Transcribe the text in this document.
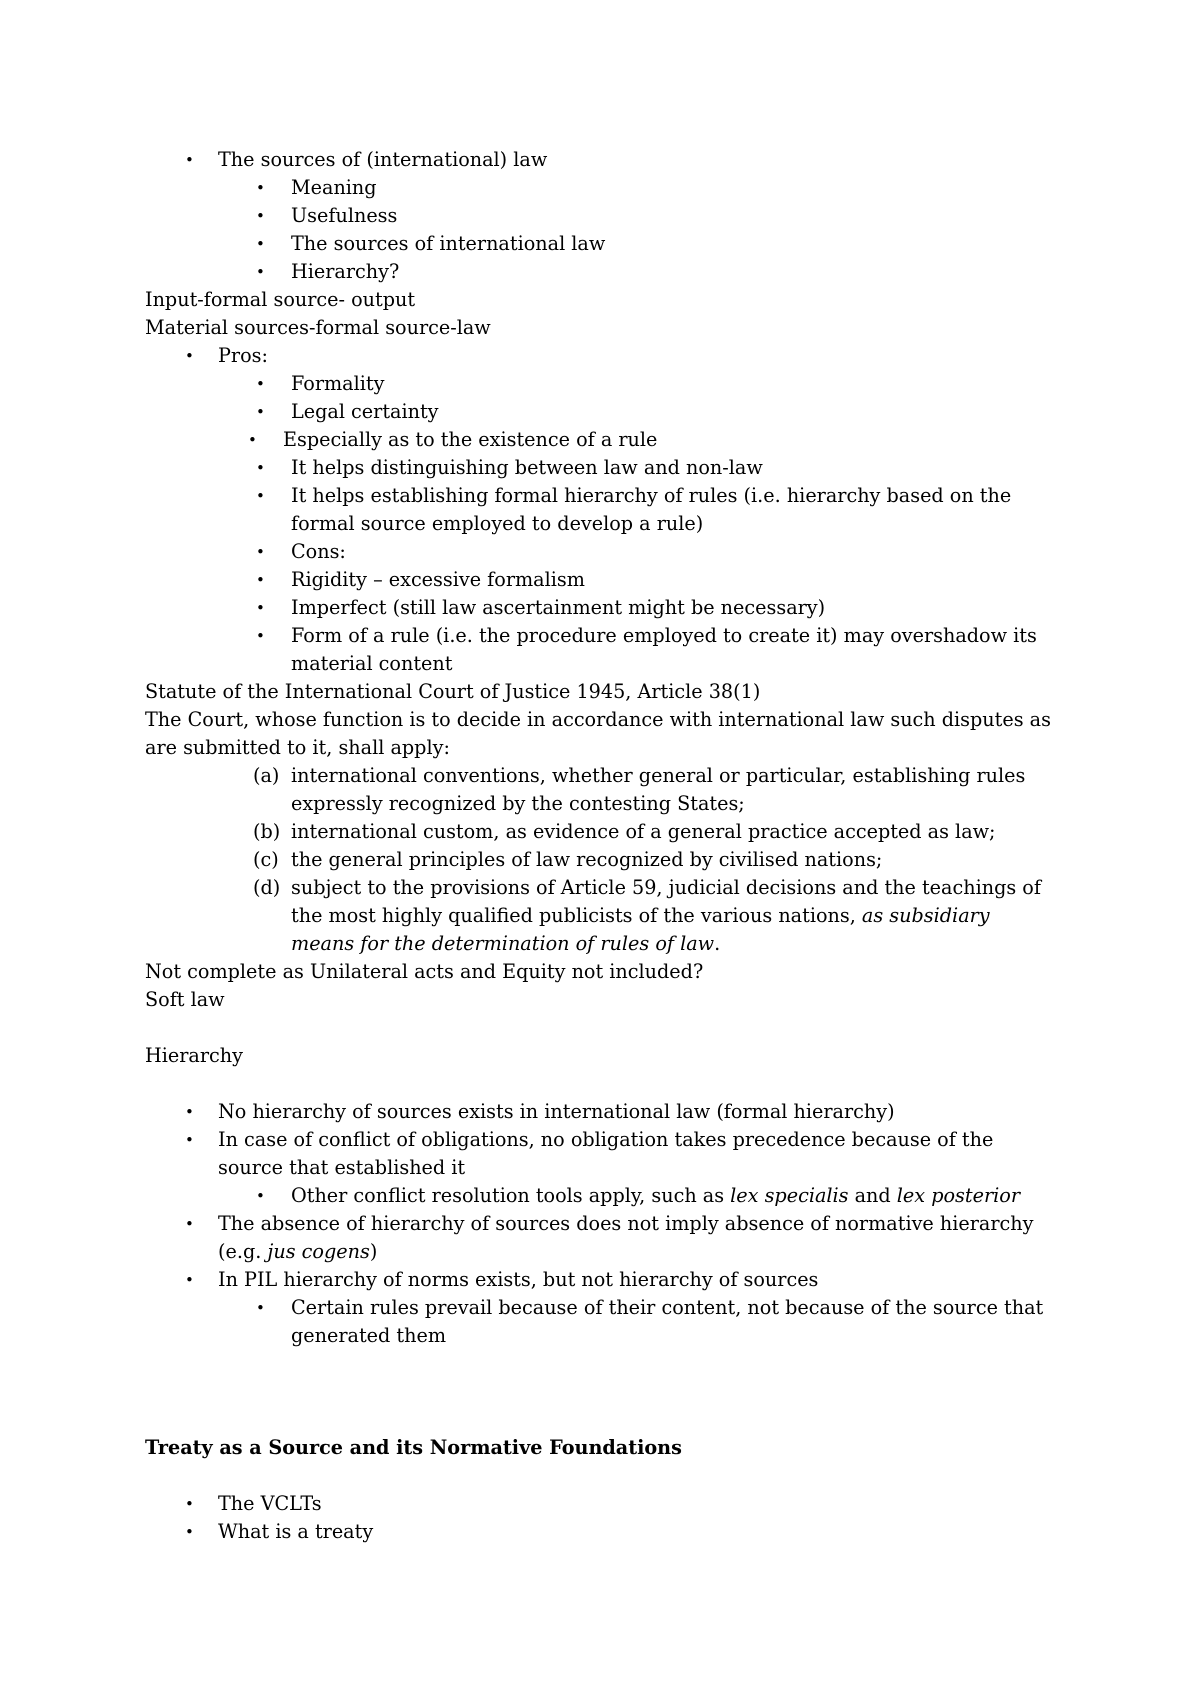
• The sources of (international) law
• Meaning
• Usefulness
• The sources of international law
• Hierarchy?
Input-formal source- output
Material sources-formal source-law
• Pros:
• Formality
• Legal certainty
• Especially as to the existence of a rule
• It helps distinguishing between law and non-law
• It helps establishing formal hierarchy of rules (i.e. hierarchy based on the
formal source employed to develop a rule)
• Cons:
• Rigidity – excessive formalism
• Imperfect (still law ascertainment might be necessary)
• Form of a rule (i.e. the procedure employed to create it) may overshadow its
material content
Statute of the International Court of Justice 1945, Article 38(1)
The Court, whose function is to decide in accordance with international law such disputes as
are submitted to it, shall apply:
(a) international conventions, whether general or particular, establishing rules
expressly recognized by the contesting States;
(b) international custom, as evidence of a general practice accepted as law;
(c) the general principles of law recognized by civilised nations;
(d) subject to the provisions of Article 59, judicial decisions and the teachings of
the most highly qualified publicists of the various nations, as subsidiary
means for the determination of rules of law.
Not complete as Unilateral acts and Equity not included?
Soft law
Hierarchy
• No hierarchy of sources exists in international law (formal hierarchy)
• In case of conflict of obligations, no obligation takes precedence because of the
source that established it
• Other conflict resolution tools apply, such as lex specialis and lex posterior
• The absence of hierarchy of sources does not imply absence of normative hierarchy
(e.g. jus cogens)
• In PIL hierarchy of norms exists, but not hierarchy of sources
• Certain rules prevail because of their content, not because of the source that
generated them
Treaty as a Source and its Normative Foundations
• The VCLTs
• What is a treaty
